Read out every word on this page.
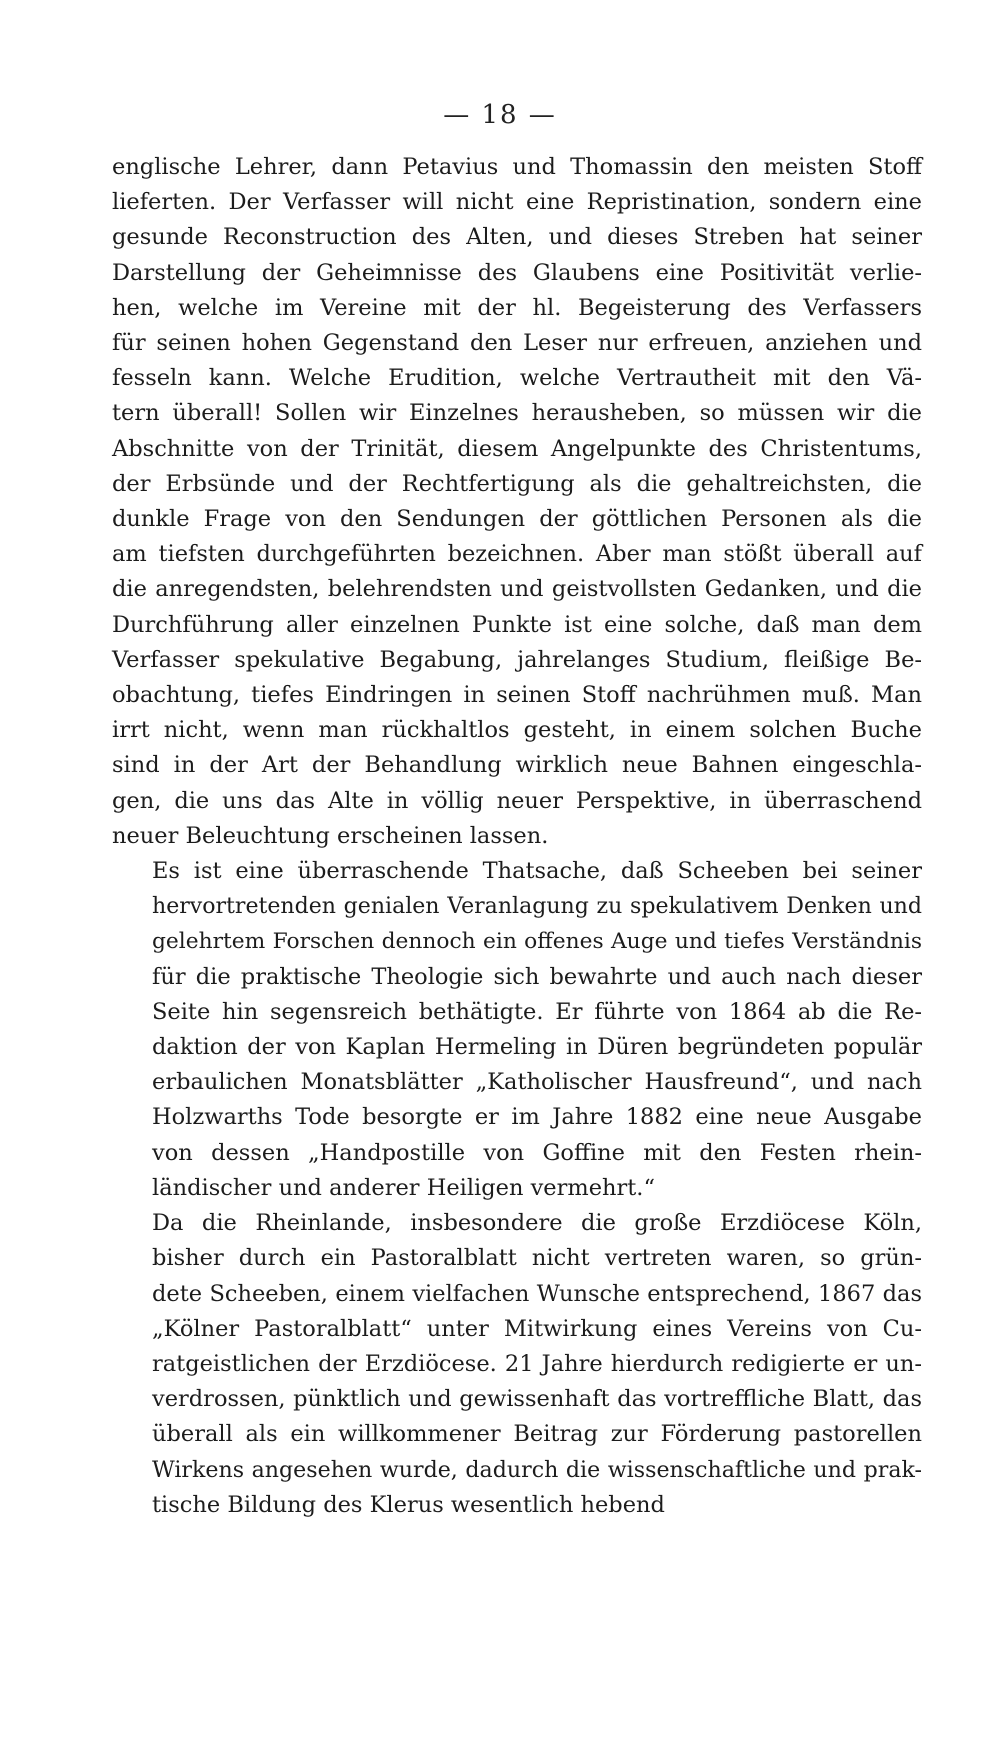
— 18 —

englische Lehrer, dann Petavius und Thomassin den meisten Stoff
lieferten. Der Verfasser will nicht eine Repristination, sondern eine
gesunde Reconstruction des Alten, und dieses Streben hat seiner
Darstellung der Geheimnisse des Glaubens eine Positivität verlie-
hen, welche im Vereine mit der hl. Begeisterung des Verfassers
für seinen hohen Gegenstand den Leser nur erfreuen, anziehen und
fesseln kann. Welche Erudition, welche Vertrautheit mit den Vä-
tern überall! Sollen wir Einzelnes herausheben, so müssen wir die
Abschnitte von der Trinität, diesem Angelpunkte des Christentums,
der Erbsünde und der Rechtfertigung als die gehaltreichsten, die
dunkle Frage von den Sendungen der göttlichen Personen als die
am tiefsten durchgeführten bezeichnen. Aber man stößt überall auf
die anregendsten, belehrendsten und geistvollsten Gedanken, und die
Durchführung aller einzelnen Punkte ist eine solche, daß man dem
Verfasser spekulative Begabung, jahrelanges Studium, fleißige Be-
obachtung, tiefes Eindringen in seinen Stoff nachrühmen muß. Man
irrt nicht, wenn man rückhaltlos gesteht, in einem solchen Buche
sind in der Art der Behandlung wirklich neue Bahnen eingeschla-
gen, die uns das Alte in völlig neuer Perspektive, in überraschend
neuer Beleuchtung erscheinen lassen.

Es ist eine überraschende Thatsache, daß Scheeben bei seiner
hervortretenden genialen Veranlagung zu spekulativem Denken und
gelehrtem Forschen dennoch ein offenes Auge und tiefes Verständnis
für die praktische Theologie sich bewahrte und auch nach dieser
Seite hin segensreich bethätigte. Er führte von 1864 ab die Re-
daktion der von Kaplan Hermeling in Düren begründeten populär
erbaulichen Monatsblätter „Katholischer Hausfreund“, und nach
Holzwarths Tode besorgte er im Jahre 1882 eine neue Ausgabe
von dessen „Handpostille von Goffine mit den Festen rhein-
ländischer und anderer Heiligen vermehrt.“

Da die Rheinlande, insbesondere die große Erzdiöcese Köln,
bisher durch ein Pastoralblatt nicht vertreten waren, so grün-
dete Scheeben, einem vielfachen Wunsche entsprechend, 1867 das
„Kölner Pastoralblatt“ unter Mitwirkung eines Vereins von Cu-
ratgeistlichen der Erzdiöcese. 21 Jahre hierdurch redigierte er un-
verdrossen, pünktlich und gewissenhaft das vortreffliche Blatt, das
überall als ein willkommener Beitrag zur Förderung pastorellen
Wirkens angesehen wurde, dadurch die wissenschaftliche und prak-
tische Bildung des Klerus wesentlich hebend
